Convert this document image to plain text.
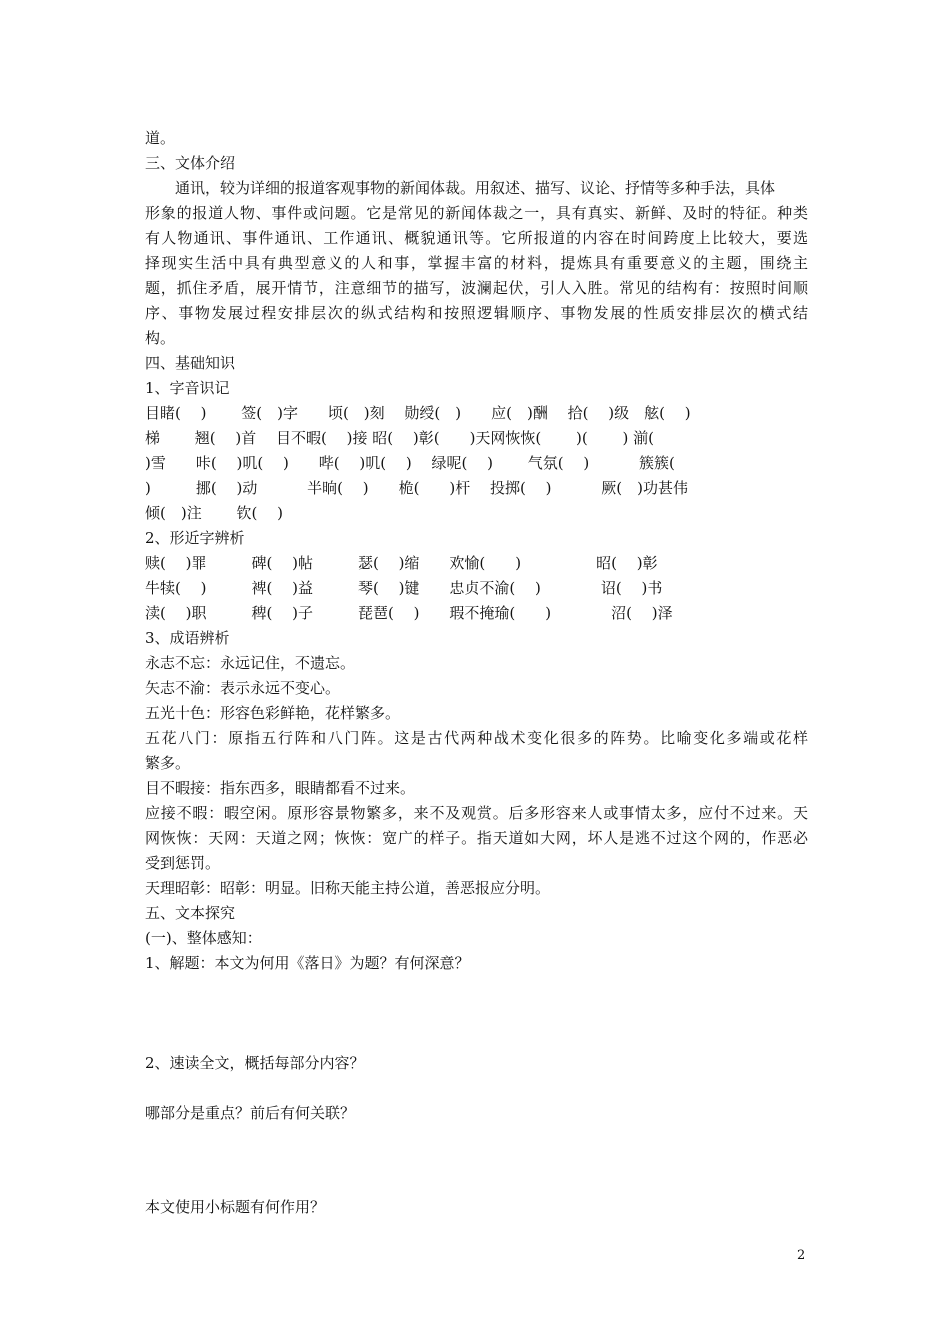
道。
三、文体介绍
通讯，较为详细的报道客观事物的新闻体裁。用叙述、描写、议论、抒情等多种手法，具体
形象的报道人物、事件或问题。它是常见的新闻体裁之一，具有真实、新鲜、及时的特征。种类
有人物通讯、事件通讯、工作通讯、概貌通讯等。它所报道的内容在时间跨度上比较大，要选
择现实生活中具有典型意义的人和事，掌握丰富的材料，提炼具有重要意义的主题，围绕主
题，抓住矛盾，展开情节，注意细节的描写，波澜起伏，引人入胜。常见的结构有：按照时间顺
序、事物发展过程安排层次的纵式结构和按照逻辑顺序、事物发展的性质安排层次的横式结
构。
四、基础知识
1、字音识记
目睹(　 )　　 签(　)字　　顷(　)刻　 勋绶(　)　　应(　)酬　 拾(　 )级　舷(　 )
梯　　 翘(　 )首　 目不暇(　 )接 昭(　 )彰(　　)天网恢恢(　　 )(　　 ) 湔(
)雪　　咔(　 )叽(　 )　　哔(　 )叽(　 )　 绿呢(　 )　　 气氛(　 )　　　 簇簇(
)　　　挪(　 )动　　　 半晌(　 )　　桅(　　)杆　 投掷(　 )　　　 厥(　)功甚伟
倾(　)注　　 钦(　 )
2、形近字辨析
赎(　 )罪　　　碑(　 )帖　　　瑟(　 )缩　　欢愉(　　)　　　　　昭(　 )彰
牛犊(　 )　　　裨(　 )益　　　琴(　 )键　　忠贞不渝(　 )　　　　诏(　 )书
渎(　 )职　　　稗(　 )子　　　琵琶(　 )　　瑕不掩瑜(　　)　　　　沼(　 )泽
3、成语辨析
永志不忘：永远记住，不遗忘。
矢志不渝：表示永远不变心。
五光十色：形容色彩鲜艳，花样繁多。
五花八门：原指五行阵和八门阵。这是古代两种战术变化很多的阵势。比喻变化多端或花样
繁多。
目不暇接：指东西多，眼睛都看不过来。
应接不暇：暇空闲。原形容景物繁多，来不及观赏。后多形容来人或事情太多，应付不过来。天
网恢恢：天网：天道之网；恢恢：宽广的样子。指天道如大网，坏人是逃不过这个网的，作恶必
受到惩罚。
天理昭彰：昭彰：明显。旧称天能主持公道，善恶报应分明。
五、文本探究
(一)、整体感知：
1、解题：本文为何用《落日》为题？有何深意？
2、速读全文，概括每部分内容？
哪部分是重点？前后有何关联？
本文使用小标题有何作用？
2
